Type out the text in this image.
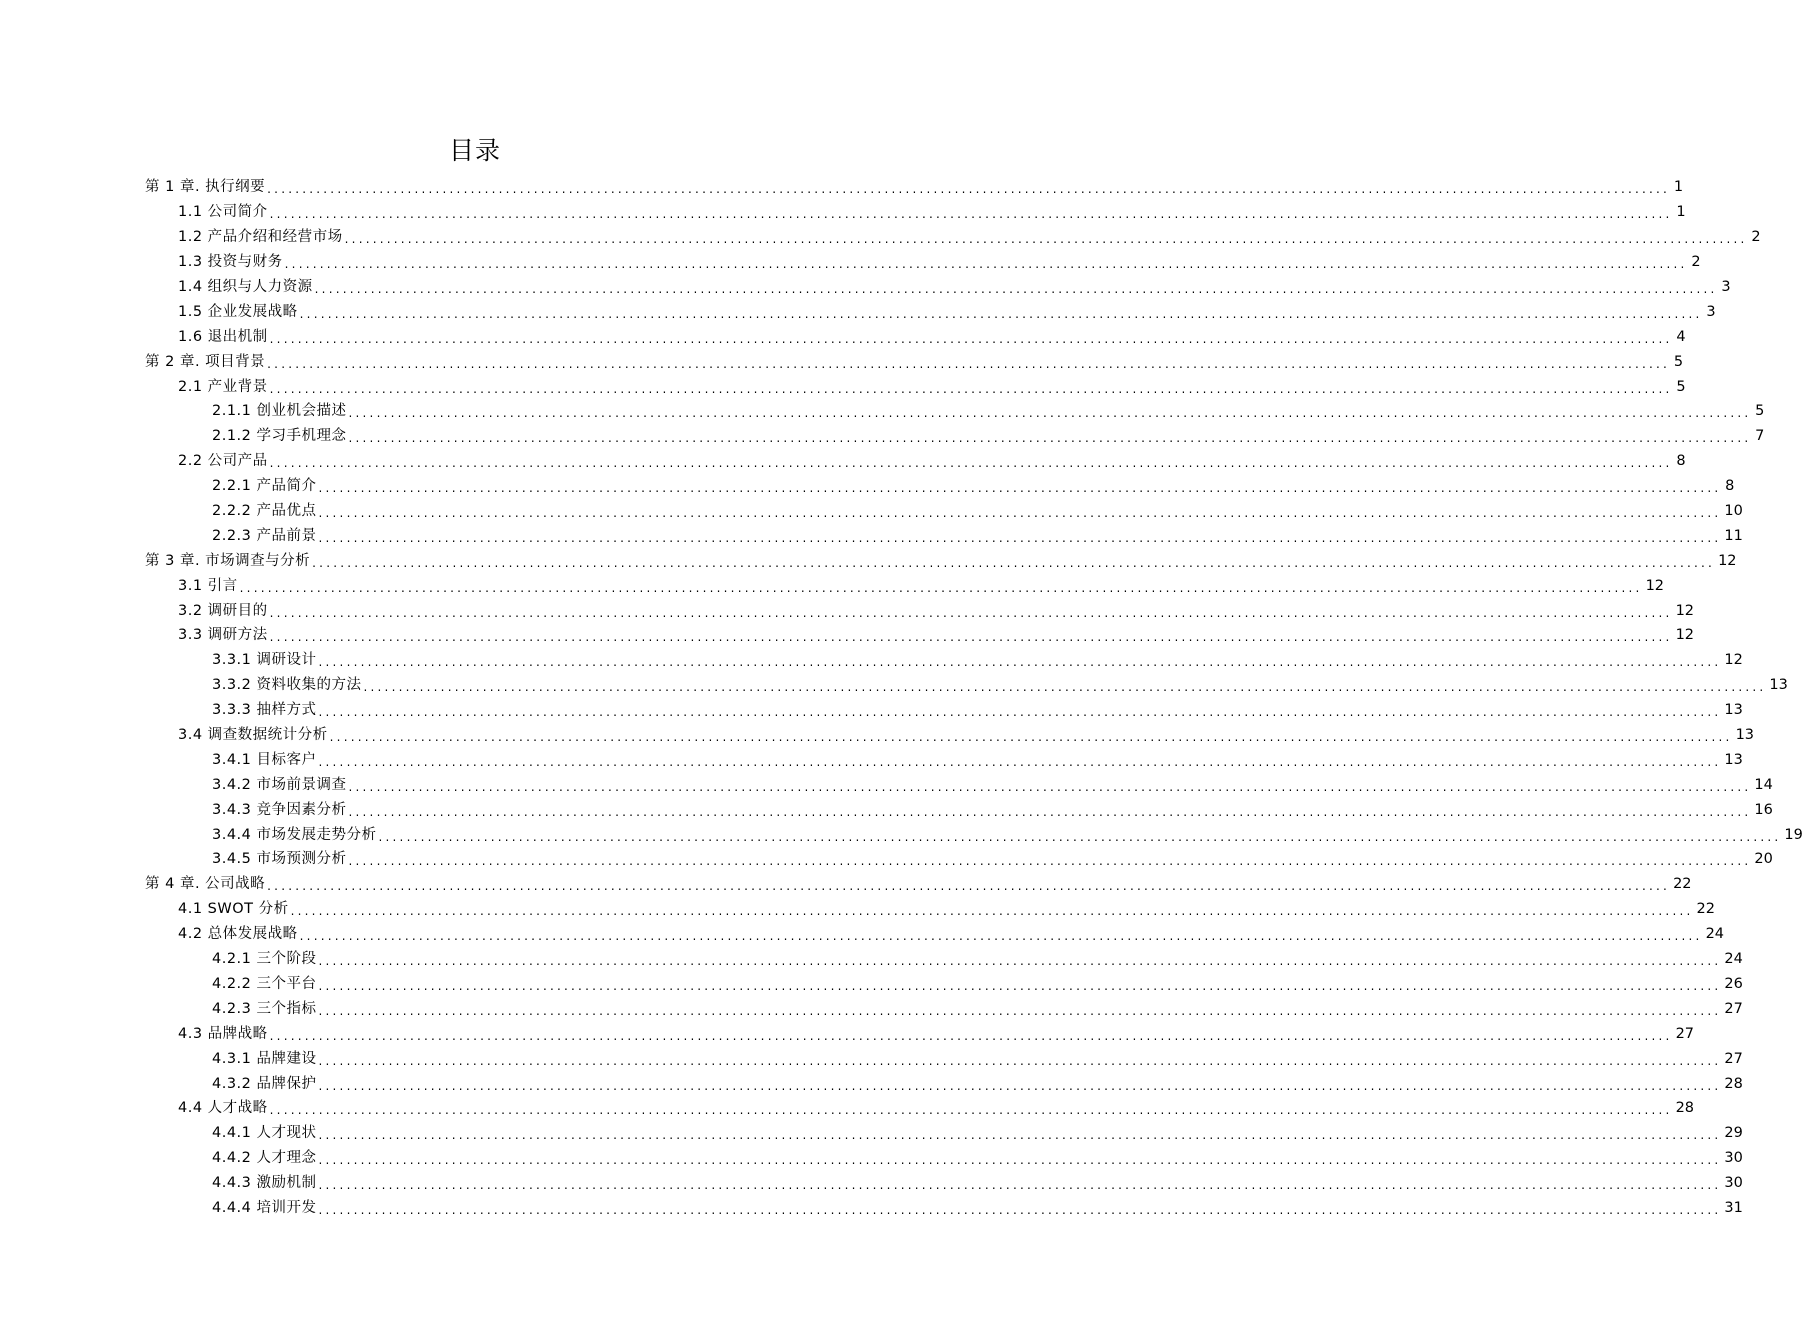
目录
第 1 章. 执行纲要 ........................................................................................................................................................................................................ 1
1.1 公司简介 ........................................................................................................................................................................................................ 1
1.2 产品介绍和经营市场 ........................................................................................................................................................................................................ 2
1.3 投资与财务 ........................................................................................................................................................................................................ 2
1.4 组织与人力资源 ........................................................................................................................................................................................................ 3
1.5 企业发展战略 ........................................................................................................................................................................................................ 3
1.6 退出机制 ........................................................................................................................................................................................................ 4
第 2 章. 项目背景 ........................................................................................................................................................................................................ 5
2.1 产业背景 ........................................................................................................................................................................................................ 5
2.1.1 创业机会描述 ........................................................................................................................................................................................................ 5
2.1.2 学习手机理念 ........................................................................................................................................................................................................ 7
2.2 公司产品 ........................................................................................................................................................................................................ 8
2.2.1 产品简介 ........................................................................................................................................................................................................ 8
2.2.2 产品优点 ........................................................................................................................................................................................................ 10
2.2.3 产品前景 ........................................................................................................................................................................................................ 11
第 3 章. 市场调查与分析 ........................................................................................................................................................................................................ 12
3.1 引言 ........................................................................................................................................................................................................ 12
3.2 调研目的 ........................................................................................................................................................................................................ 12
3.3 调研方法 ........................................................................................................................................................................................................ 12
3.3.1 调研设计 ........................................................................................................................................................................................................ 12
3.3.2 资料收集的方法 ........................................................................................................................................................................................................ 13
3.3.3 抽样方式 ........................................................................................................................................................................................................ 13
3.4 调查数据统计分析 ........................................................................................................................................................................................................ 13
3.4.1 目标客户 ........................................................................................................................................................................................................ 13
3.4.2 市场前景调查 ........................................................................................................................................................................................................ 14
3.4.3 竞争因素分析 ........................................................................................................................................................................................................ 16
3.4.4 市场发展走势分析 ........................................................................................................................................................................................................ 19
3.4.5 市场预测分析 ........................................................................................................................................................................................................ 20
第 4 章. 公司战略 ........................................................................................................................................................................................................ 22
4.1 SWOT 分析 ........................................................................................................................................................................................................ 22
4.2 总体发展战略 ........................................................................................................................................................................................................ 24
4.2.1 三个阶段 ........................................................................................................................................................................................................ 24
4.2.2 三个平台 ........................................................................................................................................................................................................ 26
4.2.3 三个指标 ........................................................................................................................................................................................................ 27
4.3 品牌战略 ........................................................................................................................................................................................................ 27
4.3.1 品牌建设 ........................................................................................................................................................................................................ 27
4.3.2 品牌保护 ........................................................................................................................................................................................................ 28
4.4 人才战略 ........................................................................................................................................................................................................ 28
4.4.1 人才现状 ........................................................................................................................................................................................................ 29
4.4.2 人才理念 ........................................................................................................................................................................................................ 30
4.4.3 激励机制 ........................................................................................................................................................................................................ 30
4.4.4 培训开发 ........................................................................................................................................................................................................ 31
